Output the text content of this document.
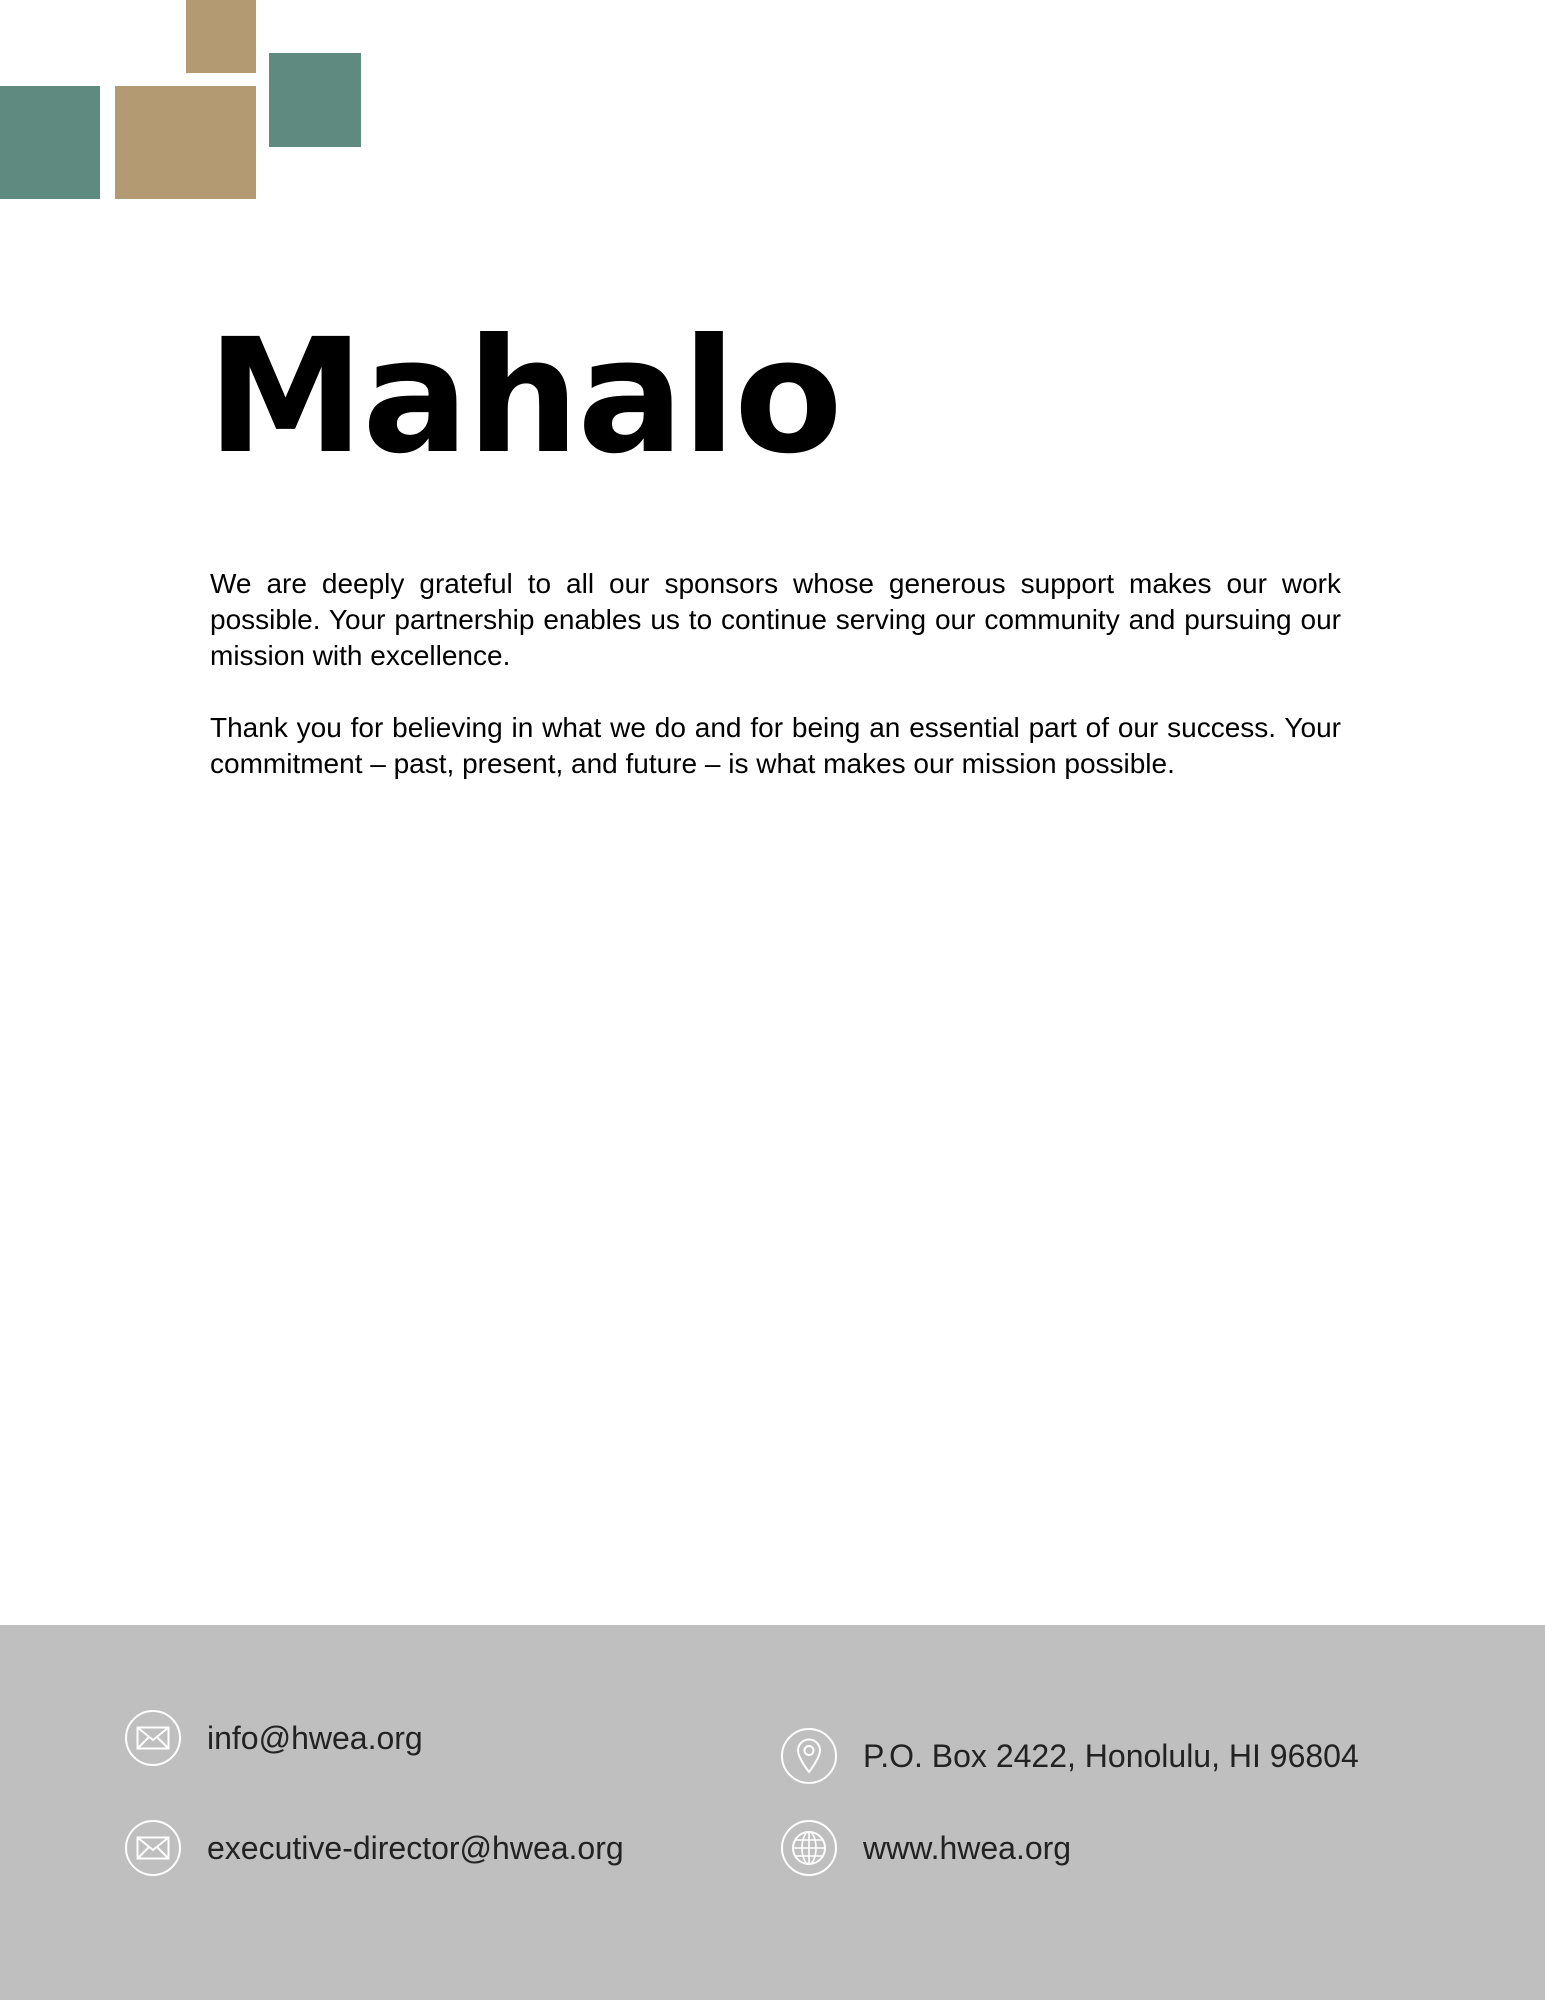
Mahalo

We are deeply grateful to all our sponsors whose generous support makes our work possible. Your partnership enables us to continue serving our community and pursuing our mission with excellence.

Thank you for believing in what we do and for being an essential part of our success. Your commitment – past, present, and future – is what makes our mission possible.

info@hwea.org
executive-director@hwea.org
P.O. Box 2422, Honolulu, HI 96804
www.hwea.org
